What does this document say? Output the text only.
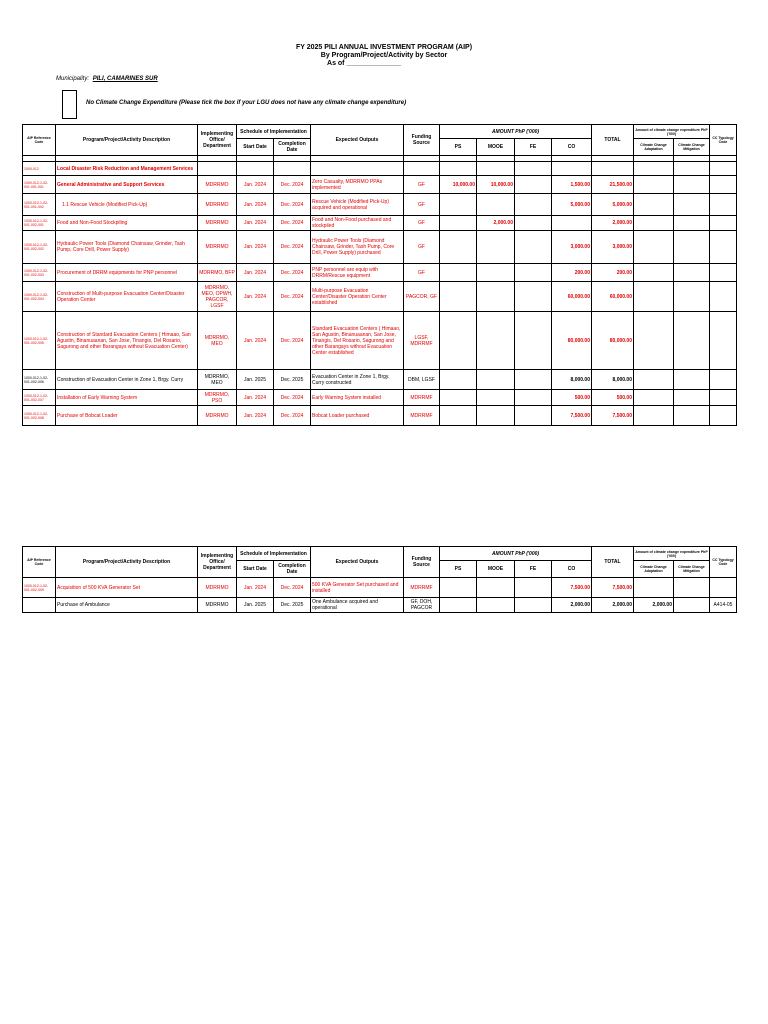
FY 2025 PILI ANNUAL INVESTMENT PROGRAM (AIP)
By Program/Project/Activity by Sector
As of ______________
Municipality: PILI, CAMARINES SUR
No Climate Change Expenditure (Please tick the box if your LGU does not have any climate change expenditure)
AIP Reference Code	Program/Project/Activity Description	Implementing Office/ Department	Schedule of Implementation		Expected Outputs	Funding Source	AMOUNT PhP ('000)				TOTAL	Amount of climate change expenditure PhP ('000)		CC Typology Code
			Start Date	Completion Date			PS	MOOE	FE	CO		Climate Change Adaptation	Climate Change Mitigation	

1000-012	Local Disaster Risk Reduction and Management Services													
1000-012-1-02-001-001-001	General Administrative and Support Services	MDRRMO	Jan. 2024	Dec. 2024	Zero Casualty, MDRRMO PPAs implemented	GF	10,000.00	10,000.00		1,500.00	21,500.00			
1000-012-1-02-001-001-002	1.1 Rescue Vehicle (Modified Pick-Up)	MDRRMO	Jan. 2024	Dec. 2024	Rescue Vehicle (Modified Pick-Up) acquired and operational	GF				5,000.00	5,000.00			
1000-012-1-02-001-002-001	Food and Non-Food Stockpiling	MDRRMO	Jan. 2024	Dec. 2024	Food and Non-Food purchased and stockpiled	GF		2,000.00			2,000.00			
1000-012-1-02-001-002-002	Hydraulic Power Tools (Diamond Chainsaw, Grinder, Tash Pump, Core Drill, Power Supply)	MDRRMO	Jan. 2024	Dec. 2024	Hydraulic Power Tools (Diamond Chainsaw, Grinder, Tash Pump, Core Drill, Power Supply) purchased	GF				3,000.00	3,000.00			
1000-012-1-02-001-002-003	Procurement of DRRM equipments for PNP personnel	MDRRMO, BFP	Jan. 2024	Dec. 2024	PNP personnel are equip with DRRM/Rescue equipment	GF				200.00	200.00			
1000-012-1-02-001-002-004	Construction of Multi-purpose Evacuation Center/Disaster Operation Center	MDRRMO, MEO, OPWH, PAGCOR, LGSF	Jan. 2024	Dec. 2024	Multi-purpose Evacuation Center/Disaster Operation Center established	PAGCOR, GF				60,000.00	60,000.00			
1000-012-1-02-001-002-005	Construction of Standard Evacuation Centers ( Himaao, San Agustin, Binanuaanan, San Jose, Tinangis, Del Rosario, Sagurong and other Barangays without Evacuation Center)	MDRRMO, MEO	Jan. 2024	Dec. 2024	Standard Evacuation Centers ( Himaao, San Agustin, Binanuaanan, San Jose, Tinangis, Del Rosario, Sagurong and other Barangays without Evacuation Center established	LGSF, MDRRMF				80,000.00	80,000.00			
1000-012-1-02-001-002-006	Construction of Evacuation Center in Zone 1, Brgy. Curry	MDRRMO, MEO	Jan. 2025	Dec. 2025	Evacuation Center in Zone 1, Brgy. Curry constructed	DBM, LGSF				8,000.00	8,000.00			
1000-012-1-02-001-002-007	Installation of Early Warning System	MDRRMO, PSO	Jan. 2024	Dec. 2024	Early Warning System installed	MDRRMF				500.00	500.00			
1000-012-1-02-001-002-008	Purchase of Bobcat Loader	MDRRMO	Jan. 2024	Dec. 2024	Bobcat Loader purchased	MDRRMF				7,500.00	7,500.00			
AIP Reference Code	Program/Project/Activity Description	Implementing Office/ Department	Schedule of Implementation		Expected Outputs	Funding Source	AMOUNT PhP ('000)				TOTAL	Amount of climate change expenditure PhP ('000)		CC Typology Code
			Start Date	Completion Date			PS	MOOE	FE	CO		Climate Change Adaptation	Climate Change Mitigation	
1000-012-1-02-001-002-009	Acquisition of 500 KVA Generator Set	MDRRMO	Jan. 2024	Dec. 2024	500 KVA Generator Set purchased and installed	MDRRMF				7,500.00	7,500.00			
	Purchase of Ambulance	MDRRMO	Jan. 2025	Dec. 2025	One Ambulance acquired and operational	GF, DOH, PAGCOR				2,000.00	2,000.00	2,000.00		A414-05
